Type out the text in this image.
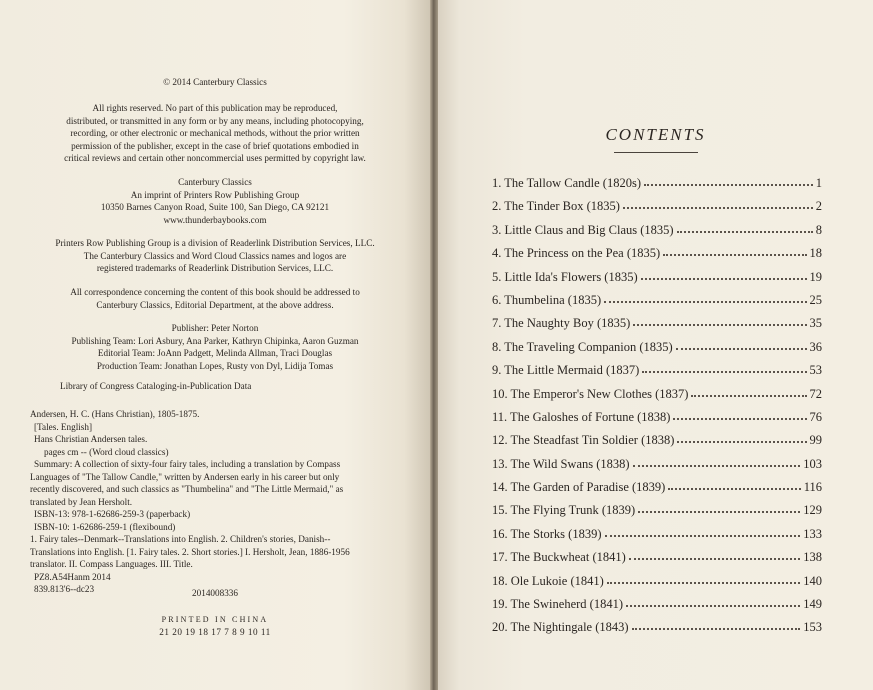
© 2014 Canterbury Classics

All rights reserved. No part of this publication may be reproduced,

distributed, or transmitted in any form or by any means, including photocopying,

recording, or other electronic or mechanical methods, without the prior written

permission of the publisher, except in the case of brief quotations embodied in

critical reviews and certain other noncommercial uses permitted by copyright law.

Canterbury Classics

An imprint of Printers Row Publishing Group

10350 Barnes Canyon Road, Suite 100, San Diego, CA 92121

www.thunderbaybooks.com

Printers Row Publishing Group is a division of Readerlink Distribution Services, LLC.

The Canterbury Classics and Word Cloud Classics names and logos are

registered trademarks of Readerlink Distribution Services, LLC.

All correspondence concerning the content of this book should be addressed to

Canterbury Classics, Editorial Department, at the above address.

Publisher: Peter Norton

Publishing Team: Lori Asbury, Ana Parker, Kathryn Chipinka, Aaron Guzman

Editorial Team: JoAnn Padgett, Melinda Allman, Traci Douglas

Production Team: Jonathan Lopes, Rusty von Dyl, Lidija Tomas

Library of Congress Cataloging-in-Publication Data

Andersen, H. C. (Hans Christian), 1805-1875.

[Tales. English]

Hans Christian Andersen tales.

pages cm -- (Word cloud classics)

Summary: A collection of sixty-four fairy tales, including a translation by Compass

Languages of "The Tallow Candle," written by Andersen early in his career but only

recently discovered, and such classics as "Thumbelina" and "The Little Mermaid," as

translated by Jean Hersholt.

ISBN-13: 978-1-62686-259-3 (paperback)

ISBN-10: 1-62686-259-1 (flexibound)

1. Fairy tales--Denmark--Translations into English. 2. Children's stories, Danish--

Translations into English. [1. Fairy tales. 2. Short stories.] I. Hersholt, Jean, 1886-1956

translator. II. Compass Languages. III. Title.

PZ8.A54Hanm 2014

839.813'6--dc23	2014008336
PRINTED IN CHINA
21 20 19 18 17 7 8 9 10 11
CONTENTS
1. The Tallow Candle (1820s)	1
2. The Tinder Box (1835)	2
3. Little Claus and Big Claus (1835)	8
4. The Princess on the Pea (1835)	18
5. Little Ida's Flowers (1835)	19
6. Thumbelina (1835)	25
7. The Naughty Boy (1835)	35
8. The Traveling Companion (1835)	36
9. The Little Mermaid (1837)	53
10. The Emperor's New Clothes (1837)	72
11. The Galoshes of Fortune (1838)	76
12. The Steadfast Tin Soldier (1838)	99
13. The Wild Swans (1838)	103
14. The Garden of Paradise (1839)	116
15. The Flying Trunk (1839)	129
16. The Storks (1839)	133
17. The Buckwheat (1841)	138
18. Ole Lukoie (1841)	140
19. The Swineherd (1841)	149
20. The Nightingale (1843)	153
